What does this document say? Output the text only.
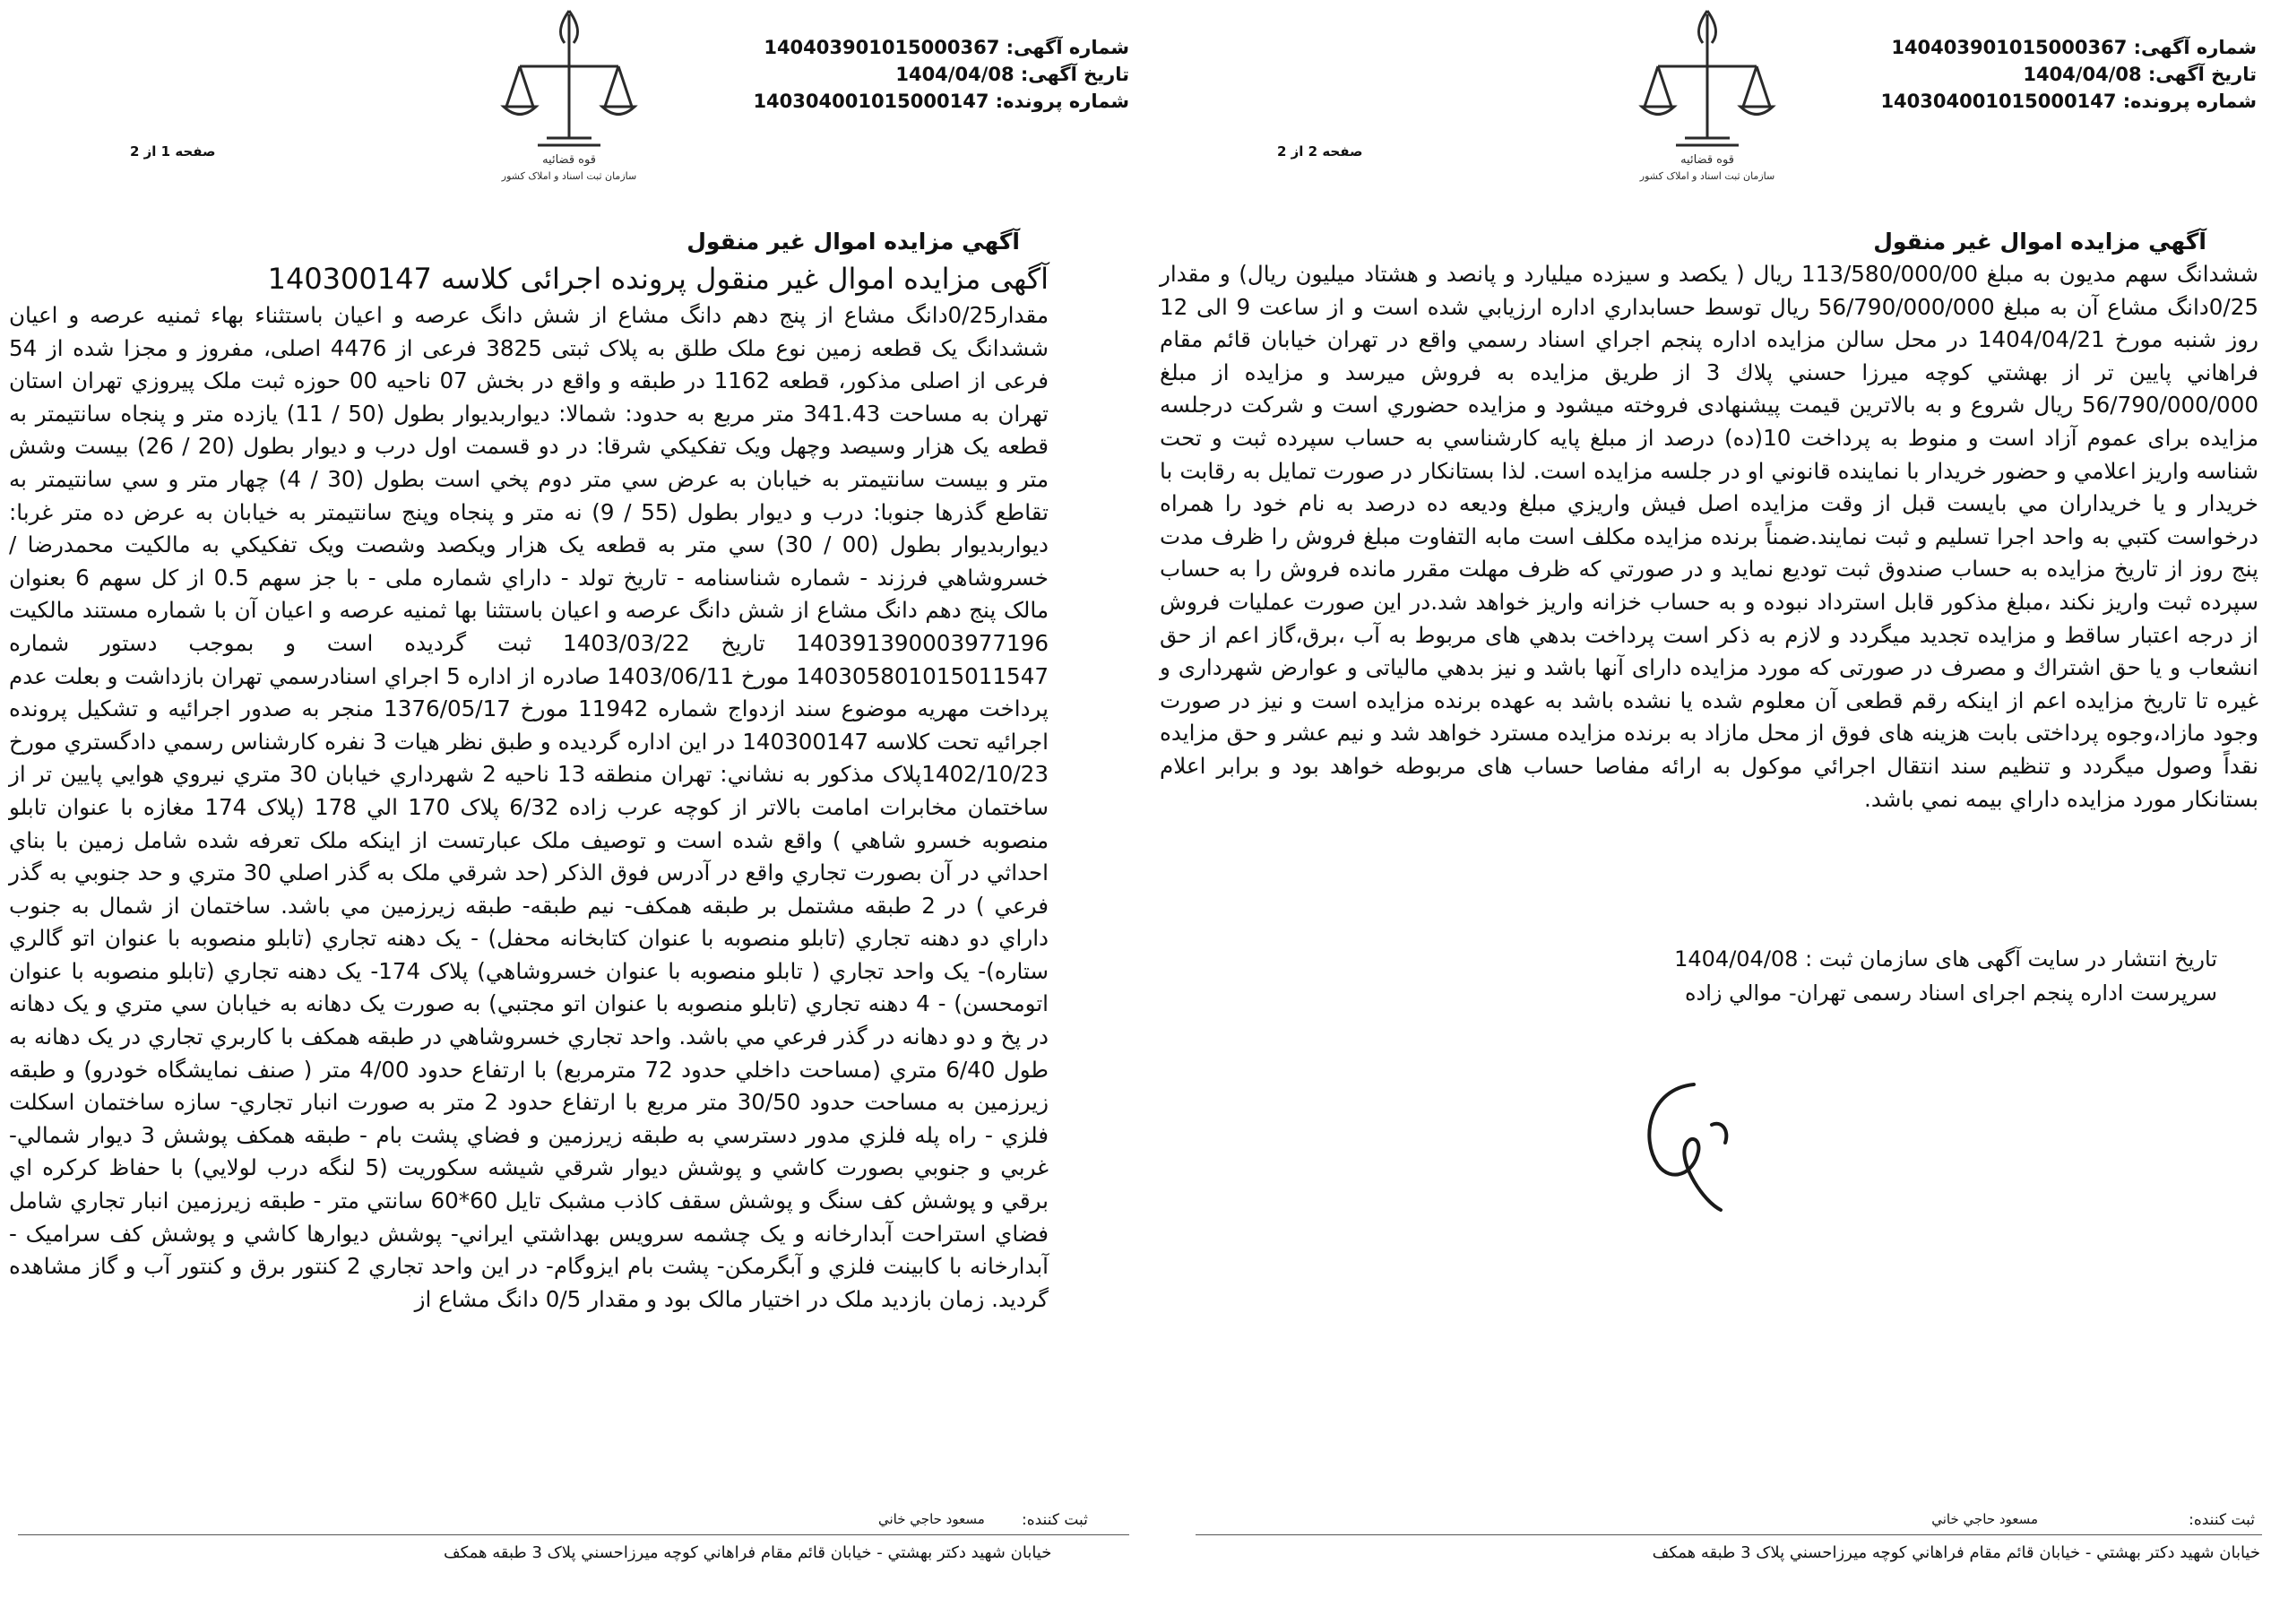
شماره آگهی: 140403901015000367
تاریخ آگهی: 1404/04/08
شماره پرونده: 140304001015000147
قوه قضائیه
سازمان ثبت اسناد و املاک کشور
صفحه 2 از 2
آگهي مزايده اموال غير منقول
ششدانگ سهم مديون به مبلغ 113/580/000/00 ريال ( يكصد و سيزده ميليارد و پانصد و هشتاد ميليون ريال) و مقدار 0/25دانگ مشاع آن به مبلغ 56/790/000/000 ريال توسط حسابداري اداره ارزيابي شده است و از ساعت 9 الى 12 روز شنبه مورخ 1404/04/21 در محل سالن مزايده اداره پنجم اجراي اسناد رسمي واقع در تهران خيابان قائم مقام فراهاني پايين تر از بهشتي كوچه ميرزا حسني پلاك 3 از طريق مزايده به فروش ميرسد و مزايده از مبلغ 56/790/000/000 ريال شروع و به بالاترين قيمت پيشنهادى فروخته ميشود و مزايده حضوري است و شركت درجلسه مزايده براى عموم آزاد است و منوط به پرداخت 10(ده) درصد از مبلغ پايه كارشناسي به حساب سپرده ثبت و تحت شناسه واريز اعلامي و حضور خريدار با نماينده قانوني او در جلسه مزايده است. لذا بستانكار در صورت تمايل به رقابت با خريدار و يا خريداران مي بايست قبل از وقت مزايده اصل فيش واريزي مبلغ وديعه ده درصد به نام خود را همراه درخواست كتبي به واحد اجرا تسليم و ثبت نمايند.ضمناً برنده مزايده مكلف است مابه التفاوت مبلغ فروش را ظرف مدت پنج روز از تاريخ مزايده به حساب صندوق ثبت توديع نمايد و در صورتي كه ظرف مهلت مقرر مانده فروش را به حساب سپرده ثبت واريز نكند ،مبلغ مذكور قابل استرداد نبوده و به حساب خزانه واريز خواهد شد.در اين صورت عمليات فروش از درجه اعتبار ساقط و مزايده تجديد ميگردد و لازم به ذكر است پرداخت بدهي هاى مربوط به آب ،برق،گاز اعم از حق انشعاب و يا حق اشتراك و مصرف در صورتى كه مورد مزايده داراى آنها باشد و نيز بدهي مالياتى و عوارض شهردارى و غيره تا تاريخ مزايده اعم از اينكه رقم قطعى آن معلوم شده يا نشده باشد به عهده برنده مزايده است و نيز در صورت وجود مازاد،وجوه پرداختى بابت هزينه هاى فوق از محل مازاد به برنده مزايده مسترد خواهد شد و نيم عشر و حق مزايده نقداً وصول ميگردد و تنظيم سند انتقال اجرائي موكول به ارائه مفاصا حساب هاى مربوطه خواهد بود و برابر اعلام بستانكار مورد مزايده داراي بيمه نمي باشد.
تاريخ انتشار در سايت آگهی های سازمان ثبت : 1404/04/08
سرپرست اداره پنجم اجراى اسناد رسمى تهران- موالي زاده
ثبت کننده:
مسعود حاجي خاني
خيابان شهيد دكتر بهشتي - خيابان قائم مقام فراهاني كوچه ميرزاحسني پلاک 3 طبقه همكف
شماره آگهی: 140403901015000367
تاریخ آگهی: 1404/04/08
شماره پرونده: 140304001015000147
قوه قضائیه
سازمان ثبت اسناد و املاک کشور
صفحه 1 از 2
آگهي مزايده اموال غير منقول
آگهی مزایده اموال غیر منقول پرونده اجرائی کلاسه 140300147
مقدار0/25دانگ مشاع از پنج دهم دانگ مشاع از شش دانگ عرصه و اعيان باستثناء بهاء ثمنيه عرصه و اعيان ششدانگ يک قطعه زمين نوع ملک طلق به پلاک ثبتی 3825 فرعی از 4476 اصلی، مفروز و مجزا شده از 54 فرعی از اصلی مذکور، قطعه 1162 در طبقه و واقع در بخش 07 ناحيه 00 حوزه ثبت ملک پيروزي تهران استان تهران به مساحت 341.43 متر مربع به حدود: شمالا: ديواربديوار بطول (50 / 11) يازده متر و پنجاه سانتيمتر به قطعه يک هزار وسيصد وچهل ويک تفکيکي شرقا: در دو قسمت اول درب و ديوار بطول (20 / 26) بيست وشش متر و بيست سانتيمتر به خيابان به عرض سي متر دوم پخي است بطول (30 / 4) چهار متر و سي سانتيمتر به تقاطع گذرها جنوبا: درب و ديوار بطول (55 / 9) نه متر و پنجاه وپنج سانتيمتر به خيابان به عرض ده متر غربا: ديواربديوار بطول (00 / 30) سي متر به قطعه يک هزار ويکصد وشصت ويک تفکيکي به مالکيت محمدرضا / خسروشاهي فرزند - شماره شناسنامه - تاريخ تولد - داراي شماره ملی - با جز سهم 0.5 از کل سهم 6 بعنوان مالک پنج دهم دانگ مشاع از شش دانگ عرصه و اعيان باستثنا بها ثمنيه عرصه و اعيان آن با شماره مستند مالکيت 140391390003977196 تاريخ 1403/03/22 ثبت گرديده است و بموجب دستور شماره 140305801015011547 مورخ 1403/06/11 صادره از اداره 5 اجراي اسنادرسمي تهران بازداشت و بعلت عدم پرداخت مهريه موضوع سند ازدواج شماره 11942 مورخ 1376/05/17 منجر به صدور اجرائيه و تشكيل پرونده اجرائيه تحت كلاسه 140300147 در اين اداره گرديده و طبق نظر هيات 3 نفره كارشناس رسمي دادگستري مورخ 1402/10/23پلاک مذكور به نشاني: تهران منطقه 13 ناحيه 2 شهرداري خيابان 30 متري نيروي هوايي پايين تر از ساختمان مخابرات امامت بالاتر از كوچه عرب زاده 6/32 پلاک 170 الي 178 (پلاک 174 مغازه با عنوان تابلو منصوبه خسرو شاهي ) واقع شده است و توصيف ملک عبارتست از اينكه ملک تعرفه شده شامل زمين با بناي احداثي در آن بصورت تجاري واقع در آدرس فوق الذكر (حد شرقي ملک به گذر اصلي 30 متري و حد جنوبي به گذر فرعي ) در 2 طبقه مشتمل بر طبقه همكف- نيم طبقه- طبقه زيرزمين مي باشد. ساختمان از شمال به جنوب داراي دو دهنه تجاري (تابلو منصوبه با عنوان كتابخانه محفل) - يک دهنه تجاري (تابلو منصوبه با عنوان اتو گالري ستاره)- يک واحد تجاري ( تابلو منصوبه با عنوان خسروشاهي) پلاک 174- يک دهنه تجاري (تابلو منصوبه با عنوان اتومحسن) - 4 دهنه تجاري (تابلو منصوبه با عنوان اتو مجتبي) به صورت يک دهانه به خيابان سي متري و يک دهانه در پخ و دو دهانه در گذر فرعي مي باشد. واحد تجاري خسروشاهي در طبقه همكف با كاربري تجاري در يک دهانه به طول 6/40 متري (مساحت داخلي حدود 72 مترمربع) با ارتفاع حدود 4/00 متر ( صنف نمايشگاه خودرو) و طبقه زيرزمين به مساحت حدود 30/50 متر مربع با ارتفاع حدود 2 متر به صورت انبار تجاري- سازه ساختمان اسكلت فلزي - راه پله فلزي مدور دسترسي به طبقه زيرزمين و فضاي پشت بام - طبقه همكف پوشش 3 ديوار شمالي- غربي و جنوبي بصورت كاشي و پوشش ديوار شرقي شيشه سكوريت (5 لنگه درب لولايي) با حفاظ كركره اي برقي و پوشش كف سنگ و پوشش سقف كاذب مشبک تايل 60*60 سانتي متر - طبقه زيرزمين انبار تجاري شامل فضاي استراحت آبدارخانه و يک چشمه سرويس بهداشتي ايراني- پوشش ديوارها كاشي و پوشش كف سراميک - آبدارخانه با كابينت فلزي و آبگرمكن- پشت بام ايزوگام- در اين واحد تجاري 2 كنتور برق و كنتور آب و گاز مشاهده گرديد. زمان بازديد ملک در اختيار مالک بود و مقدار 0/5 دانگ مشاع از
ثبت کننده:
مسعود حاجي خاني
خيابان شهيد دكتر بهشتي - خيابان قائم مقام فراهاني كوچه ميرزاحسني پلاک 3 طبقه همكف
